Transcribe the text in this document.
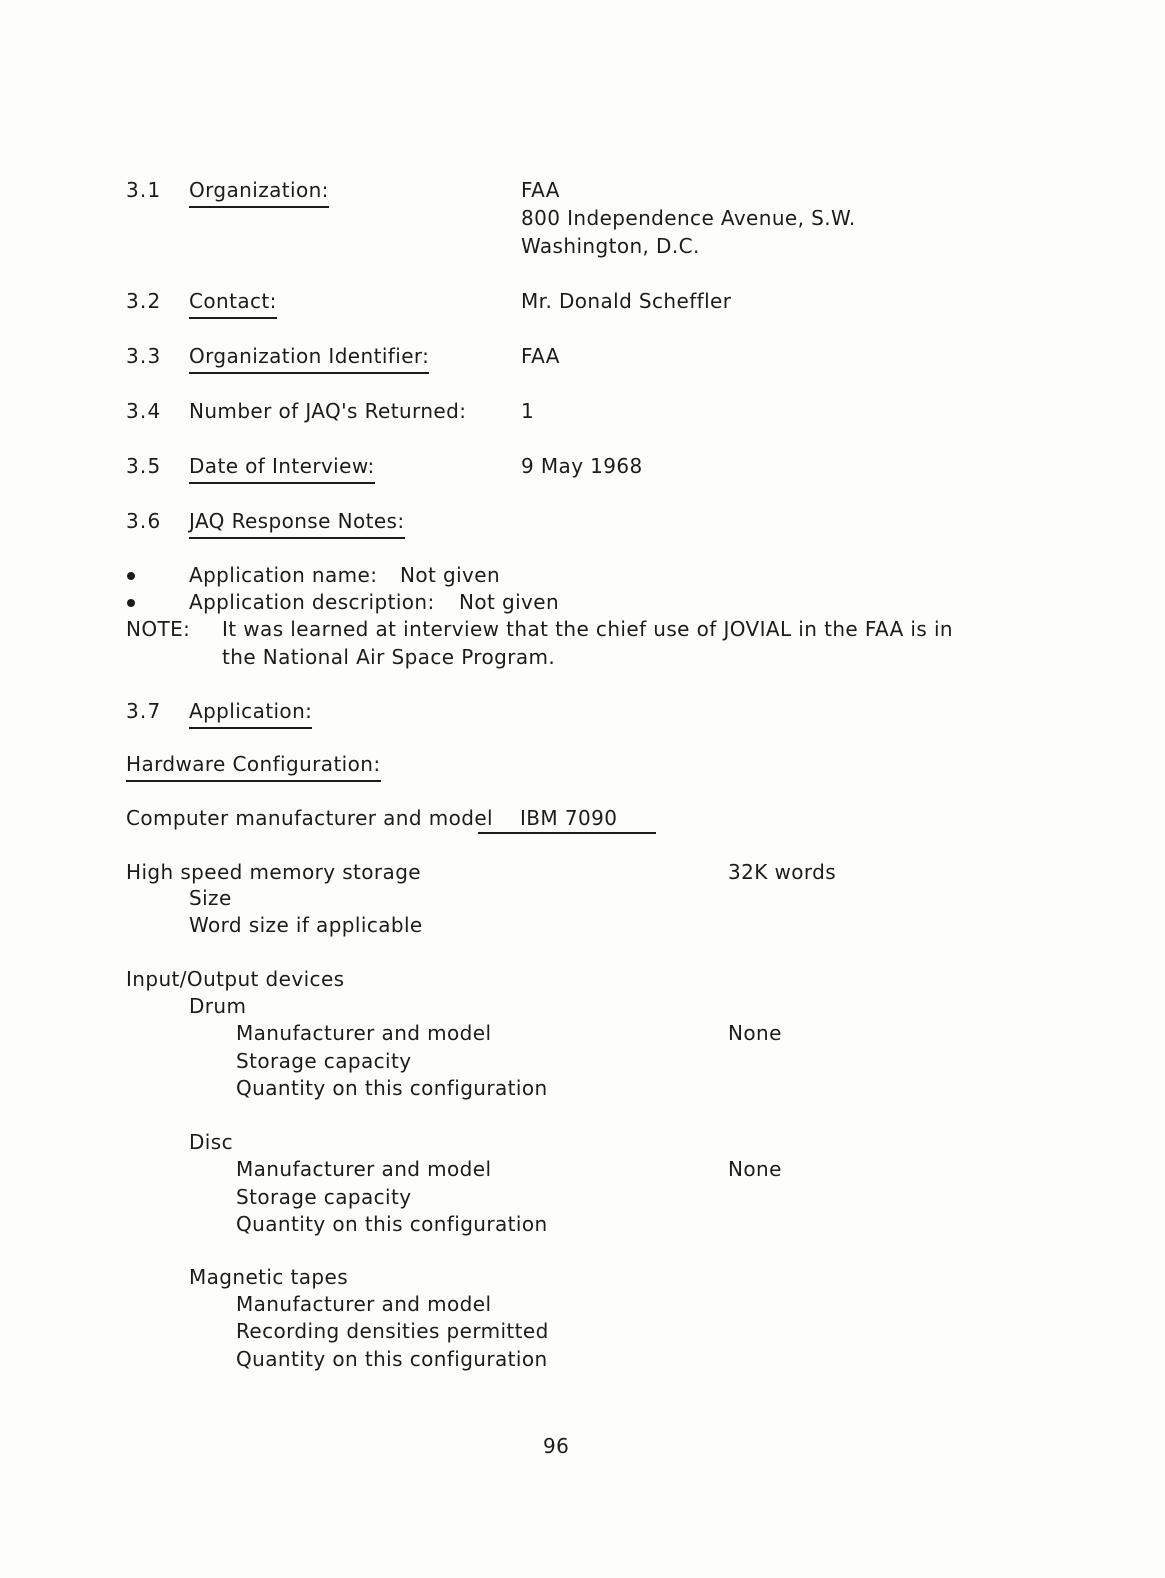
3.1 Organization:	FAA
800 Independence Avenue, S.W.
Washington, D.C.
3.2 Contact:	Mr. Donald Scheffler
3.3 Organization Identifier:	FAA
3.4 Number of JAQ's Returned:	1
3.5 Date of Interview:	9 May 1968
3.6 JAQ Response Notes:
Application name: Not given
Application description: Not given
NOTE: It was learned at interview that the chief use of JOVIAL in the FAA is in
the National Air Space Program.
3.7 Application:
Hardware Configuration:
Computer manufacturer and model IBM 7090
High speed memory storage	32K words
Size
Word size if applicable
Input/Output devices
Drum
Manufacturer and model	None
Storage capacity
Quantity on this configuration
Disc
Manufacturer and model	None
Storage capacity
Quantity on this configuration
Magnetic tapes
Manufacturer and model
Recording densities permitted
Quantity on this configuration
96
